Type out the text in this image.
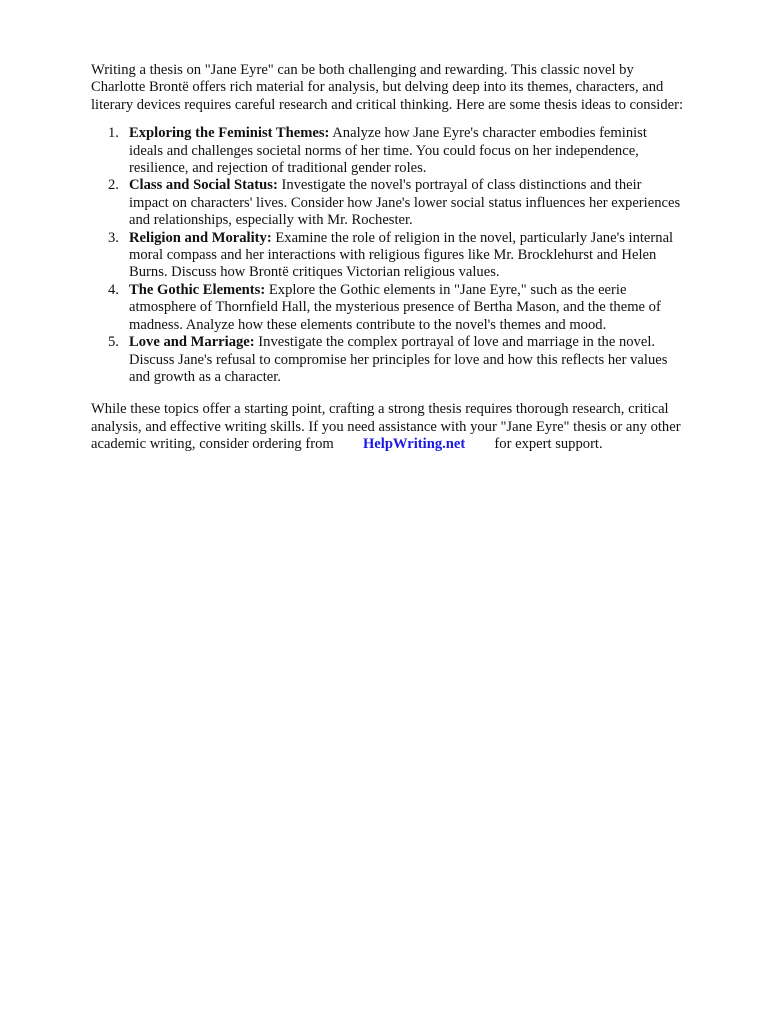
Writing a thesis on "Jane Eyre" can be both challenging and rewarding. This classic novel by
Charlotte Brontë offers rich material for analysis, but delving deep into its themes, characters, and
literary devices requires careful research and critical thinking. Here are some thesis ideas to consider:

1. Exploring the Feminist Themes: Analyze how Jane Eyre's character embodies feminist
ideals and challenges societal norms of her time. You could focus on her independence,
resilience, and rejection of traditional gender roles.
2. Class and Social Status: Investigate the novel's portrayal of class distinctions and their
impact on characters' lives. Consider how Jane's lower social status influences her experiences
and relationships, especially with Mr. Rochester.
3. Religion and Morality: Examine the role of religion in the novel, particularly Jane's internal
moral compass and her interactions with religious figures like Mr. Brocklehurst and Helen
Burns. Discuss how Brontë critiques Victorian religious values.
4. The Gothic Elements: Explore the Gothic elements in "Jane Eyre," such as the eerie
atmosphere of Thornfield Hall, the mysterious presence of Bertha Mason, and the theme of
madness. Analyze how these elements contribute to the novel's themes and mood.
5. Love and Marriage: Investigate the complex portrayal of love and marriage in the novel.
Discuss Jane's refusal to compromise her principles for love and how this reflects her values
and growth as a character.

While these topics offer a starting point, crafting a strong thesis requires thorough research, critical
analysis, and effective writing skills. If you need assistance with your "Jane Eyre" thesis or any other
academic writing, consider ordering from HelpWriting.net for expert support.
